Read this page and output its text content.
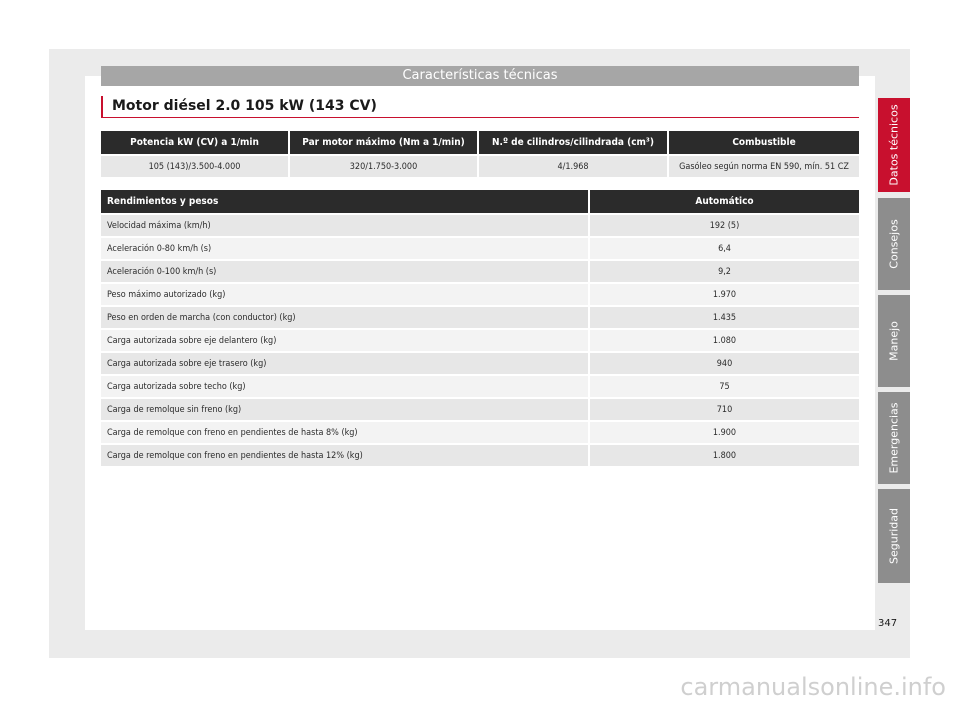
Características técnicas
Motor diésel 2.0 105 kW (143 CV)
Potencia kW (CV) a 1/min	Par motor máximo (Nm a 1/min)	N.º de cilindros/cilindrada (cm³)	Combustible
105 (143)/3.500-4.000	320/1.750-3.000	4/1.968	Gasóleo según norma EN 590, mín. 51 CZ
Rendimientos y pesos	Automático
Velocidad máxima (km/h)	192 (5)
Aceleración 0-80 km/h (s)	6,4
Aceleración 0-100 km/h (s)	9,2
Peso máximo autorizado (kg)	1.970
Peso en orden de marcha (con conductor) (kg)	1.435
Carga autorizada sobre eje delantero (kg)	1.080
Carga autorizada sobre eje trasero (kg)	940
Carga autorizada sobre techo (kg)	75
Carga de remolque sin freno (kg)	710
Carga de remolque con freno en pendientes de hasta 8% (kg)	1.900
Carga de remolque con freno en pendientes de hasta 12% (kg)	1.800
Datos técnicos
Consejos
Manejo
Emergencias
Seguridad
347
carmanualsonline.info
